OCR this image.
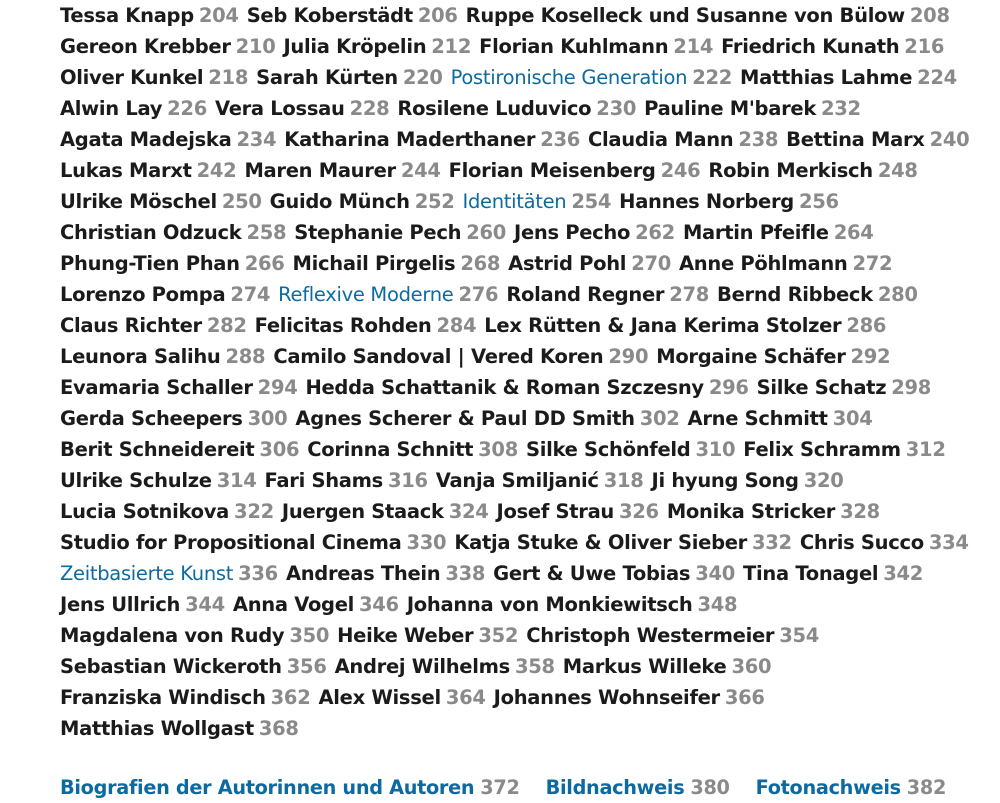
Tessa Knapp 204 Seb Koberstädt 206 Ruppe Koselleck und Susanne von Bülow 208
Gereon Krebber 210 Julia Kröpelin 212 Florian Kuhlmann 214 Friedrich Kunath 216
Oliver Kunkel 218 Sarah Kürten 220 Postironische Generation 222 Matthias Lahme 224
Alwin Lay 226 Vera Lossau 228 Rosilene Luduvico 230 Pauline M'barek 232
Agata Madejska 234 Katharina Maderthaner 236 Claudia Mann 238 Bettina Marx 240
Lukas Marxt 242 Maren Maurer 244 Florian Meisenberg 246 Robin Merkisch 248
Ulrike Möschel 250 Guido Münch 252 Identitäten 254 Hannes Norberg 256
Christian Odzuck 258 Stephanie Pech 260 Jens Pecho 262 Martin Pfeifle 264
Phung-Tien Phan 266 Michail Pirgelis 268 Astrid Pohl 270 Anne Pöhlmann 272
Lorenzo Pompa 274 Reflexive Moderne 276 Roland Regner 278 Bernd Ribbeck 280
Claus Richter 282 Felicitas Rohden 284 Lex Rütten & Jana Kerima Stolzer 286
Leunora Salihu 288 Camilo Sandoval | Vered Koren 290 Morgaine Schäfer 292
Evamaria Schaller 294 Hedda Schattanik & Roman Szczesny 296 Silke Schatz 298
Gerda Scheepers 300 Agnes Scherer & Paul DD Smith 302 Arne Schmitt 304
Berit Schneidereit 306 Corinna Schnitt 308 Silke Schönfeld 310 Felix Schramm 312
Ulrike Schulze 314 Fari Shams 316 Vanja Smiljanić 318 Ji hyung Song 320
Lucia Sotnikova 322 Juergen Staack 324 Josef Strau 326 Monika Stricker 328
Studio for Propositional Cinema 330 Katja Stuke & Oliver Sieber 332 Chris Succo 334
Zeitbasierte Kunst 336 Andreas Thein 338 Gert & Uwe Tobias 340 Tina Tonagel 342
Jens Ullrich 344 Anna Vogel 346 Johanna von Monkiewitsch 348
Magdalena von Rudy 350 Heike Weber 352 Christoph Westermeier 354
Sebastian Wickeroth 356 Andrej Wilhelms 358 Markus Willeke 360
Franziska Windisch 362 Alex Wissel 364 Johannes Wohnseifer 366
Matthias Wollgast 368
Biografien der Autorinnen und Autoren 372 Bildnachweis 380 Fotonachweis 382
